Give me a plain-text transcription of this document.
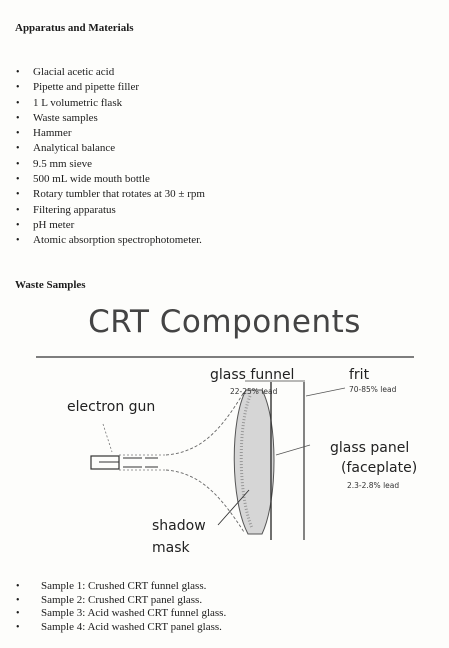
Apparatus and Materials
• Glacial acetic acid
• Pipette and pipette filler
• 1 L volumetric flask
• Waste samples
• Hammer
• Analytical balance
• 9.5 mm sieve
• 500 mL wide mouth bottle
• Rotary tumbler that rotates at 30 ± rpm
• Filtering apparatus
• pH meter
• Atomic absorption spectrophotometer.
Waste Samples
CRT Components
glass funnel
22-25% lead
frit
70-85% lead
electron gun
glass panel
(faceplate)
2.3-2.8% lead
shadow
mask
• Sample 1: Crushed CRT funnel glass.
• Sample 2: Crushed CRT panel glass.
• Sample 3: Acid washed CRT funnel glass.
• Sample 4: Acid washed CRT panel glass.
